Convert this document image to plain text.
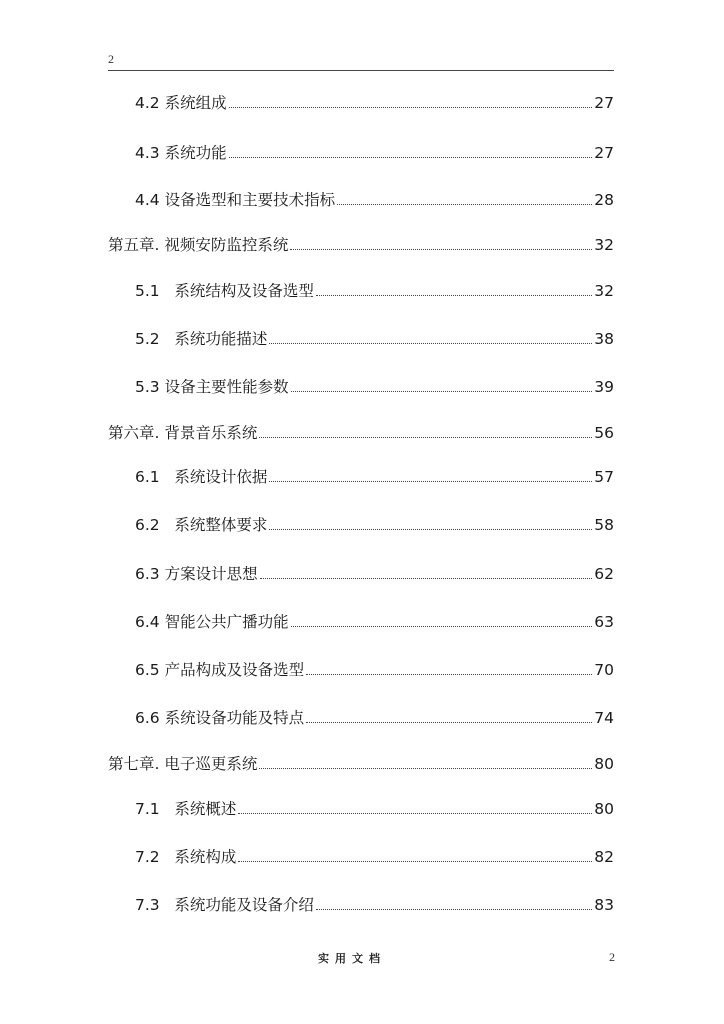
2
4.2 系统组成	27
4.3 系统功能	27
4.4 设备选型和主要技术指标	28
第五章. 视频安防监控系统	32
5.1   系统结构及设备选型	32
5.2   系统功能描述	38
5.3 设备主要性能参数	39
第六章. 背景音乐系统	56
6.1   系统设计依据	57
6.2   系统整体要求	58
6.3 方案设计思想	62
6.4 智能公共广播功能	63
6.5 产品构成及设备选型	70
6.6 系统设备功能及特点	74
第七章. 电子巡更系统	80
7.1   系统概述	80
7.2   系统构成	82
7.3   系统功能及设备介绍	83
实用文档	2
